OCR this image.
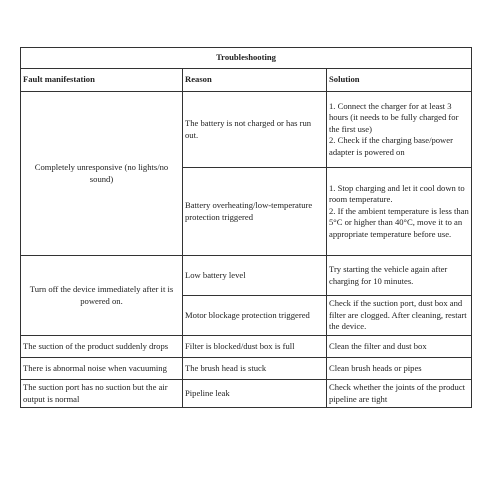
Troubleshooting		
Fault manifestation	Reason	Solution
Completely unresponsive (no lights/no sound)	The battery is not charged or has run out.	1. Connect the charger for at least 3 hours (it needs to be fully charged for the first use)
2. Check if the charging base/power adapter is powered on

	Battery overheating/low-temperature protection triggered	1. Stop charging and let it cool down to room temperature.
2. If the ambient temperature is less than 5°C or higher than 40°C, move it to an appropriate temperature before use.

Turn off the device immediately after it is powered on.	Low battery level	Try starting the vehicle again after charging for 10 minutes.

	Motor blockage protection triggered	Check if the suction port, dust box and filter are clogged. After cleaning, restart the device.

The suction of the product suddenly drops	Filter is blocked/dust box is full	Clean the filter and dust box
There is abnormal noise when vacuuming	The brush head is stuck	Clean brush heads or pipes
The suction port has no suction but the air output is normal	Pipeline leak	Check whether the joints of the product pipeline are tight
